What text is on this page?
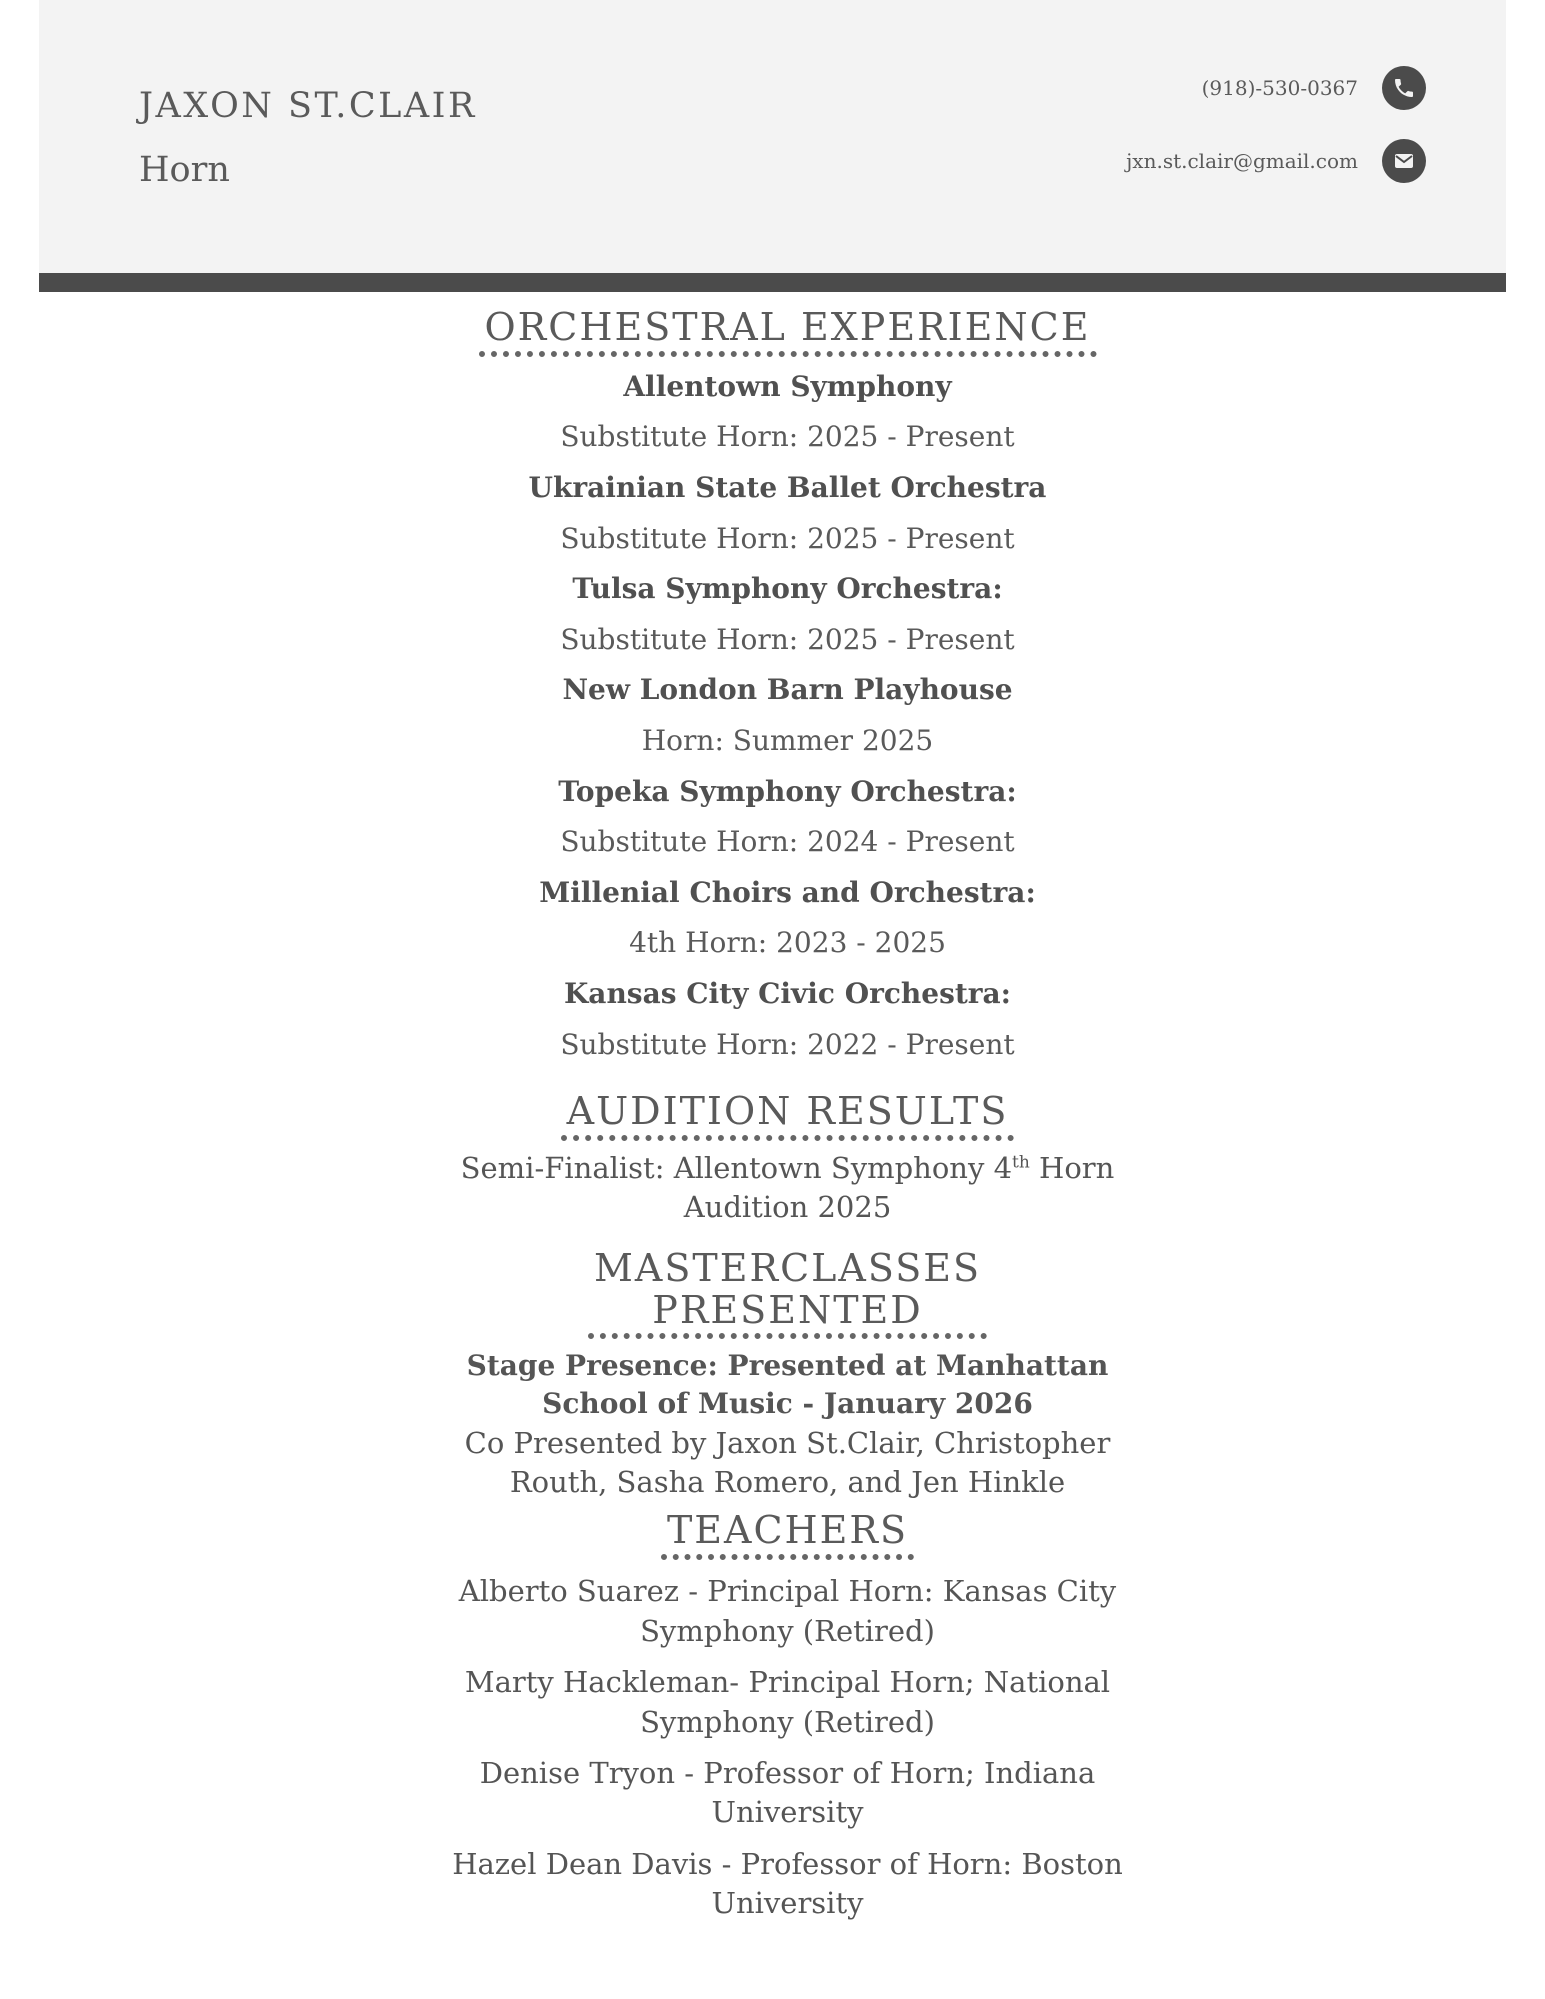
JAXON ST.CLAIR
Horn
(918)-530-0367
jxn.st.clair@gmail.com
ORCHESTRAL EXPERIENCE
Allentown Symphony
Substitute Horn: 2025 - Present
Ukrainian State Ballet Orchestra
Substitute Horn: 2025 - Present
Tulsa Symphony Orchestra:
Substitute Horn: 2025 - Present
New London Barn Playhouse
Horn: Summer 2025
Topeka Symphony Orchestra:
Substitute Horn: 2024 - Present
Millenial Choirs and Orchestra:
4th Horn: 2023 - 2025
Kansas City Civic Orchestra:
Substitute Horn: 2022 - Present
AUDITION RESULTS
Semi-Finalist: Allentown Symphony 4th Horn Audition 2025
MASTERCLASSES
PRESENTED
Stage Presence: Presented at Manhattan School of Music - January 2026
Co Presented by Jaxon St.Clair, Christopher Routh, Sasha Romero, and Jen Hinkle
TEACHERS
Alberto Suarez - Principal Horn: Kansas City Symphony (Retired)
Marty Hackleman- Principal Horn; National Symphony (Retired)
Denise Tryon - Professor of Horn; Indiana University
Hazel Dean Davis - Professor of Horn: Boston University
